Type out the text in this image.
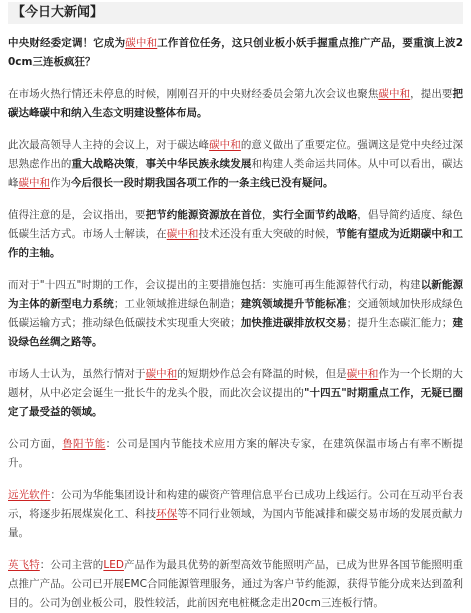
【今日大新闻】

中央财经委定调！它成为碳中和工作首位任务，这只创业板小妖手握重点推广产品，要重演上波20cm三连板疯狂？

在市场火热行情还未停息的时候，刚刚召开的中央财经委员会第九次会议也聚焦碳中和，提出要把碳达峰碳中和纳入生态文明建设整体布局。

此次最高领导人主持的会议上，对于碳达峰碳中和的意义做出了重要定位。强调这是党中央经过深思熟虑作出的重大战略决策，事关中华民族永续发展和构建人类命运共同体。从中可以看出，碳达峰碳中和作为今后很长一段时期我国各项工作的一条主线已没有疑问。

值得注意的是，会议指出，要把节约能源资源放在首位，实行全面节约战略，倡导简约适度、绿色低碳生活方式。市场人士解读，在碳中和技术还没有重大突破的时候，节能有望成为近期碳中和工作的主轴。

而对于"十四五"时期的工作，会议提出的主要措施包括：实施可再生能源替代行动，构建以新能源为主体的新型电力系统；工业领域推进绿色制造；建筑领域提升节能标准；交通领域加快形成绿色低碳运输方式；推动绿色低碳技术实现重大突破；加快推进碳排放权交易；提升生态碳汇能力；建设绿色丝绸之路等。

市场人士认为，虽然行情对于碳中和的短期炒作总会有降温的时候，但是碳中和作为一个长期的大题材，从中必定会诞生一批长牛的龙头个股，而此次会议提出的"十四五"时期重点工作，无疑已圈定了最受益的领域。

公司方面，鲁阳节能：公司是国内节能技术应用方案的解决专家，在建筑保温市场占有率不断提升。

远光软件：公司为华能集团设计和构建的碳资产管理信息平台已成功上线运行。公司在互动平台表示，将逐步拓展煤炭化工、科技环保等不同行业领域，为国内节能减排和碳交易市场的发展贡献力量。

英飞特：公司主营的LED产品作为最具优势的新型高效节能照明产品，已成为世界各国节能照明重点推广产品。公司已开展EMC合同能源管理服务，通过为客户节约能源，获得节能分成来达到盈利目的。公司为创业板公司，股性较活，此前因充电桩概念走出20cm三连板行情。
